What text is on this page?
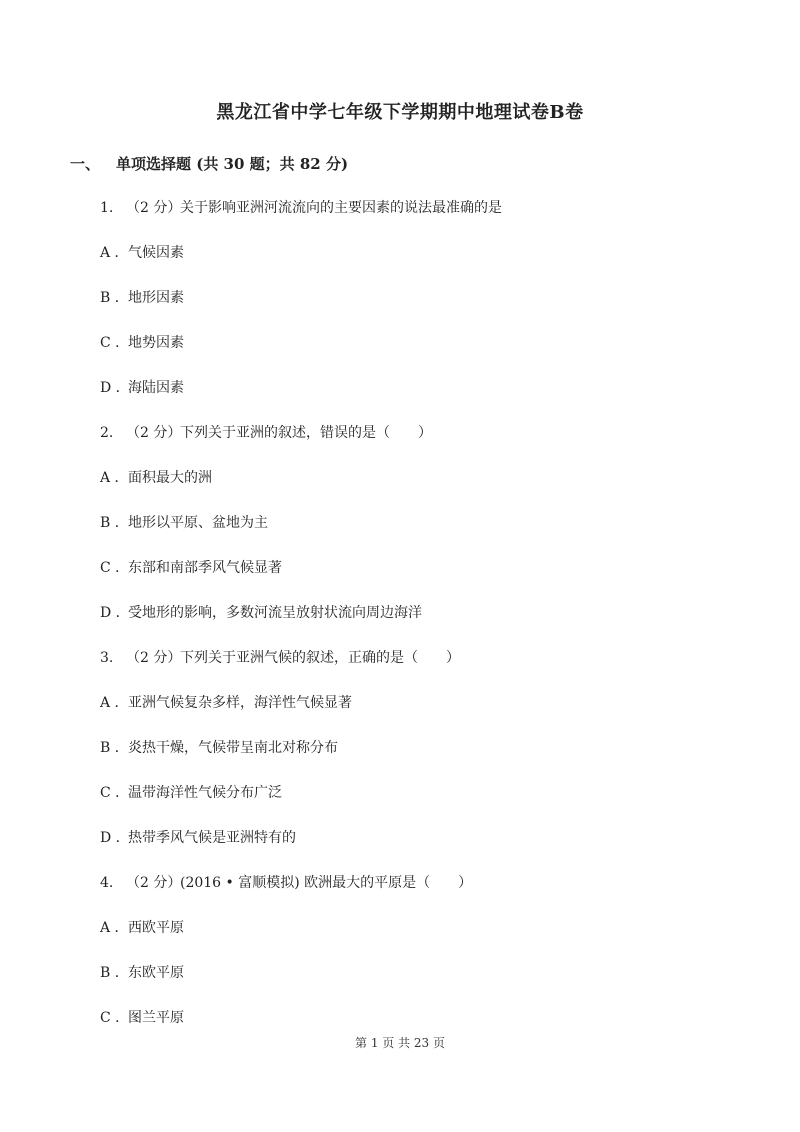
黑龙江省中学七年级下学期期中地理试卷B卷
一、 单项选择题 (共 30 题；共 82 分)
1. （2 分）关于影响亚洲河流流向的主要因素的说法最准确的是
A ．气候因素
B ．地形因素
C ．地势因素
D ．海陆因素
2. （2 分）下列关于亚洲的叙述，错误的是（　　）
A ．面积最大的洲
B ．地形以平原、盆地为主
C ．东部和南部季风气候显著
D ．受地形的影响，多数河流呈放射状流向周边海洋
3. （2 分）下列关于亚洲气候的叙述，正确的是（　　）
A ．亚洲气候复杂多样，海洋性气候显著
B ．炎热干燥，气候带呈南北对称分布
C ．温带海洋性气候分布广泛
D ．热带季风气候是亚洲特有的
4. （2 分）(2016 • 富顺模拟) 欧洲最大的平原是（　　）
A ．西欧平原
B ．东欧平原
C ．图兰平原
第 1 页 共 23 页
